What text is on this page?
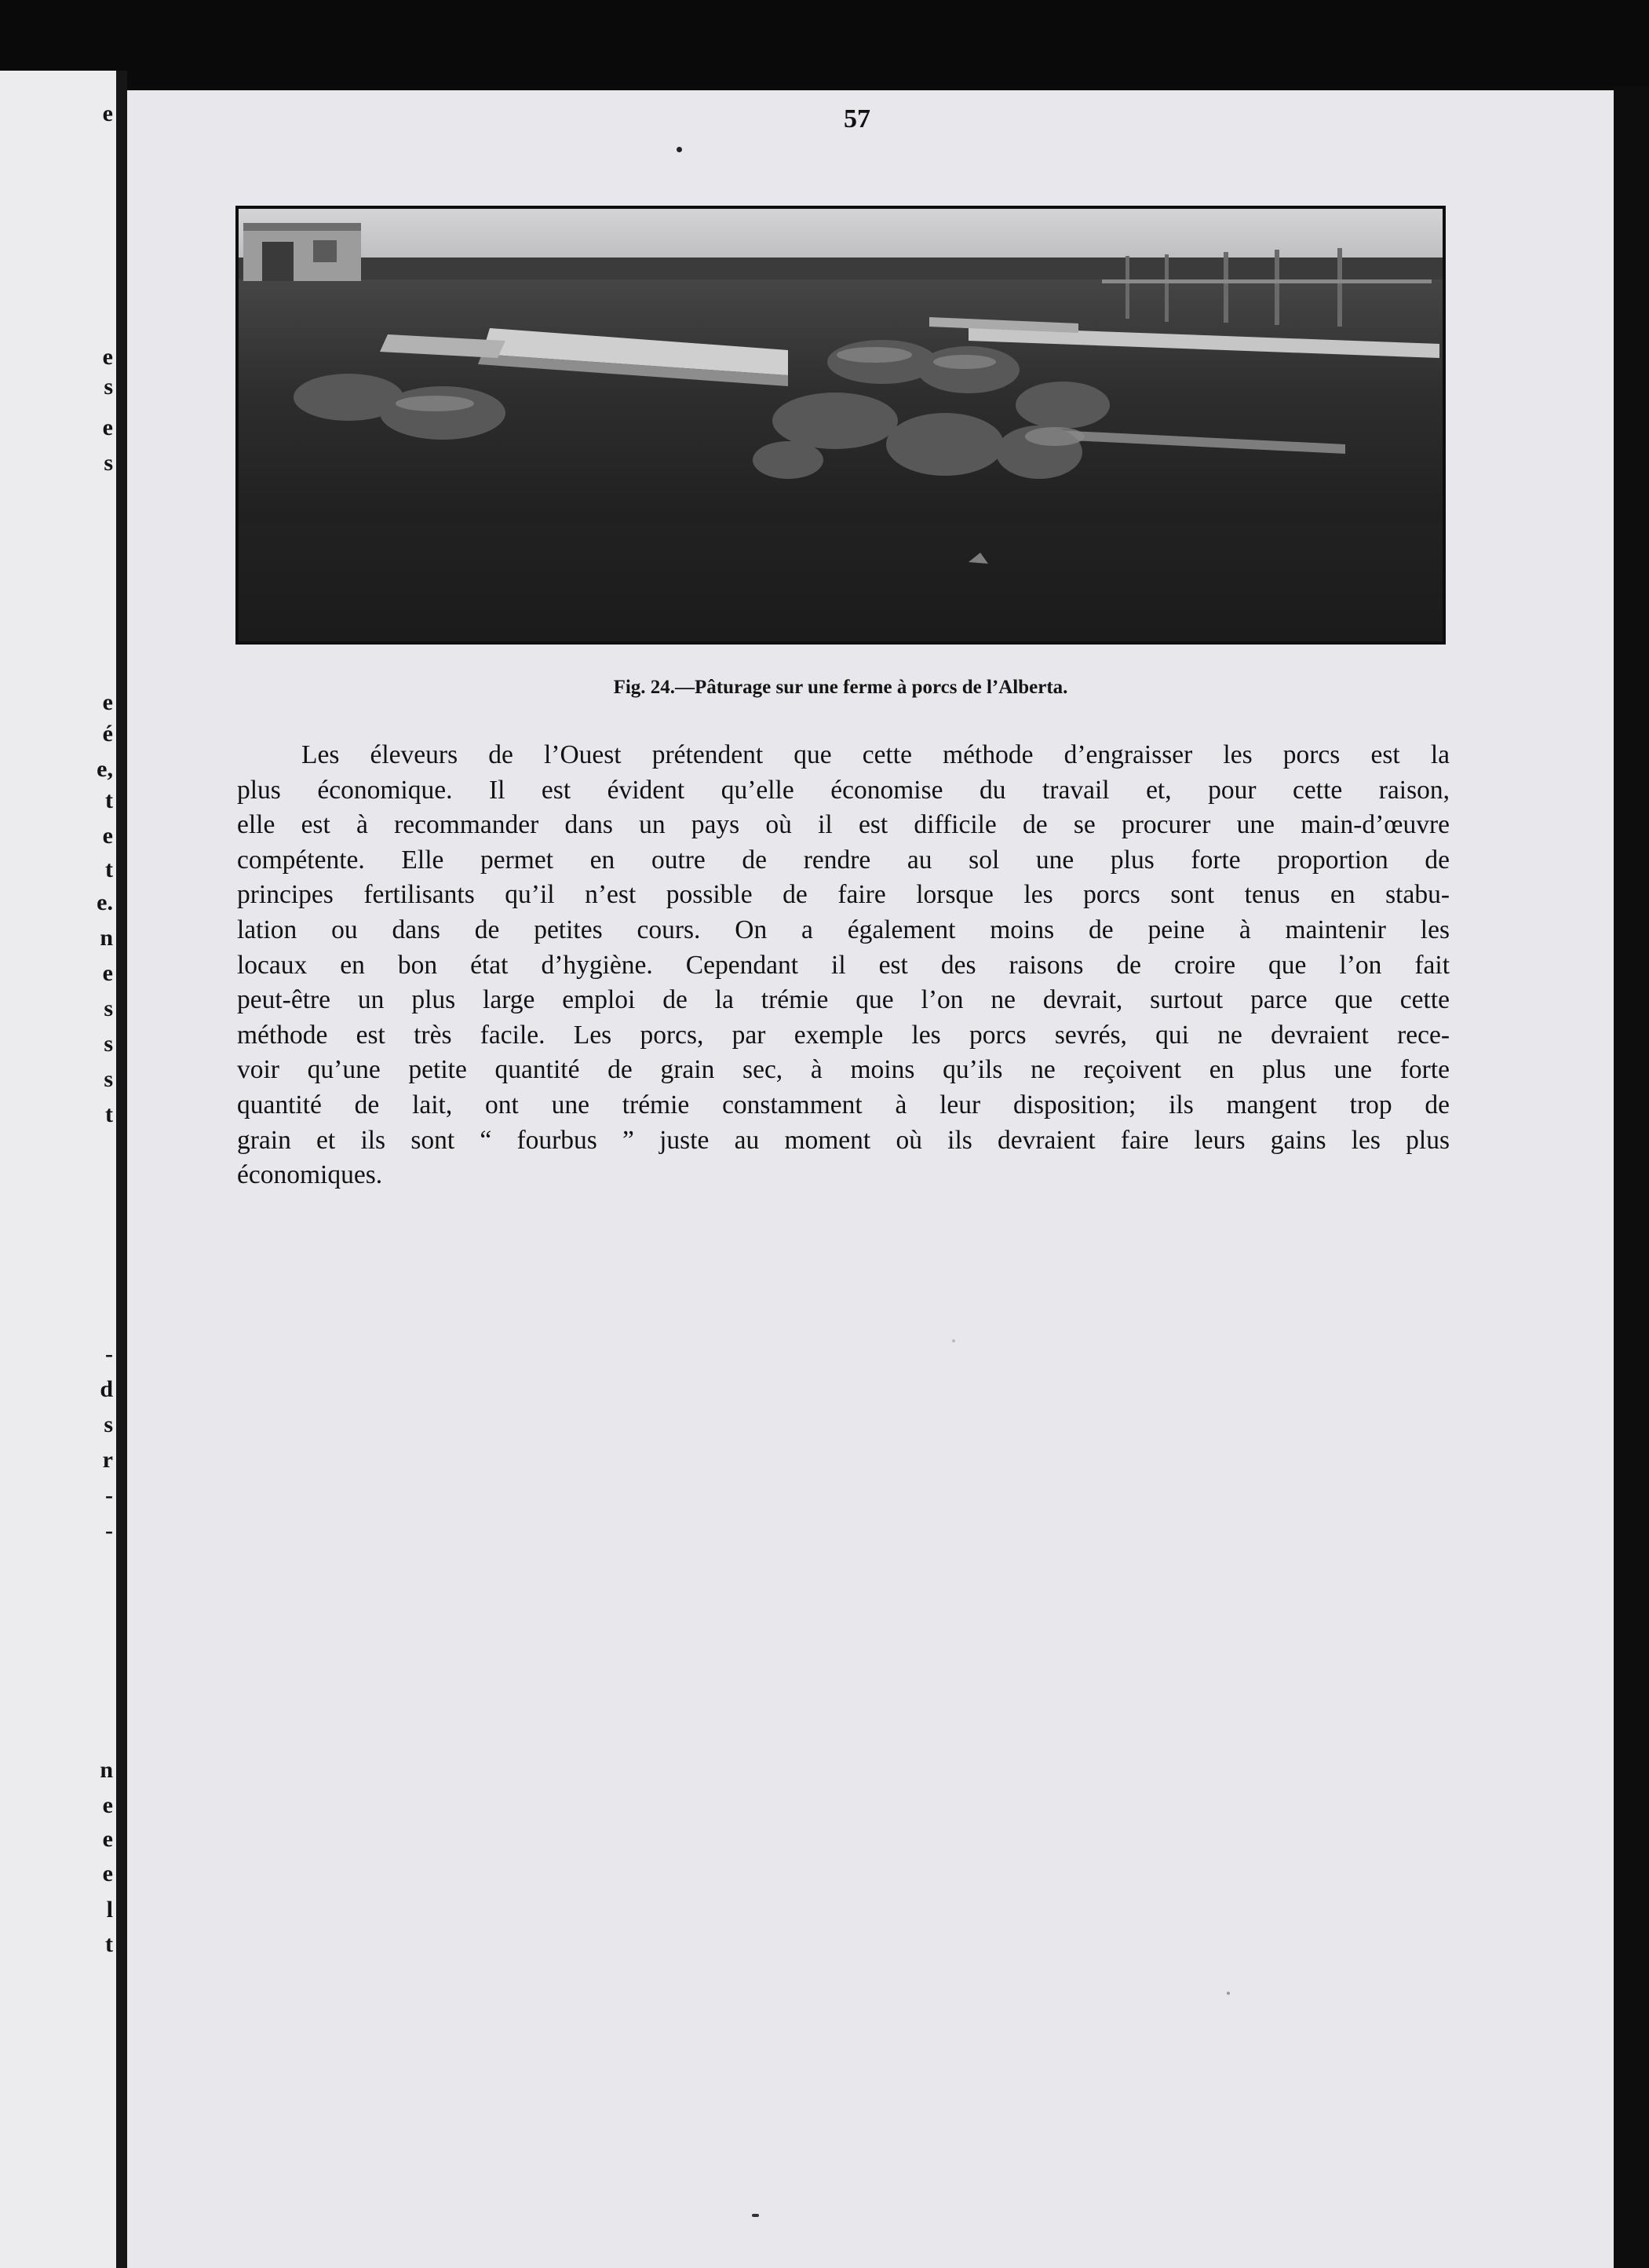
e
e
s
e
s
e
é
e,
t
e
t
e.
n
e
s
s
s
t
-
d
s
r
-
-
n
e
e
e
l
t
57
Fig. 24.—Pâturage sur une ferme à porcs de l’Alberta.
Les éleveurs de l’Ouest prétendent que cette méthode d’engraisser les porcs est la
plus économique. Il est évident qu’elle économise du travail et, pour cette raison,
elle est à recommander dans un pays où il est difficile de se procurer une main-d’œuvre
compétente. Elle permet en outre de rendre au sol une plus forte proportion de
principes fertilisants qu’il n’est possible de faire lorsque les porcs sont tenus en stabu-
lation ou dans de petites cours. On a également moins de peine à maintenir les
locaux en bon état d’hygiène. Cependant il est des raisons de croire que l’on fait
peut-être un plus large emploi de la trémie que l’on ne devrait, surtout parce que cette
méthode est très facile. Les porcs, par exemple les porcs sevrés, qui ne devraient rece-
voir qu’une petite quantité de grain sec, à moins qu’ils ne reçoivent en plus une forte
quantité de lait, ont une trémie constamment à leur disposition; ils mangent trop de
grain et ils sont “ fourbus ” juste au moment où ils devraient faire leurs gains les plus
économiques.
